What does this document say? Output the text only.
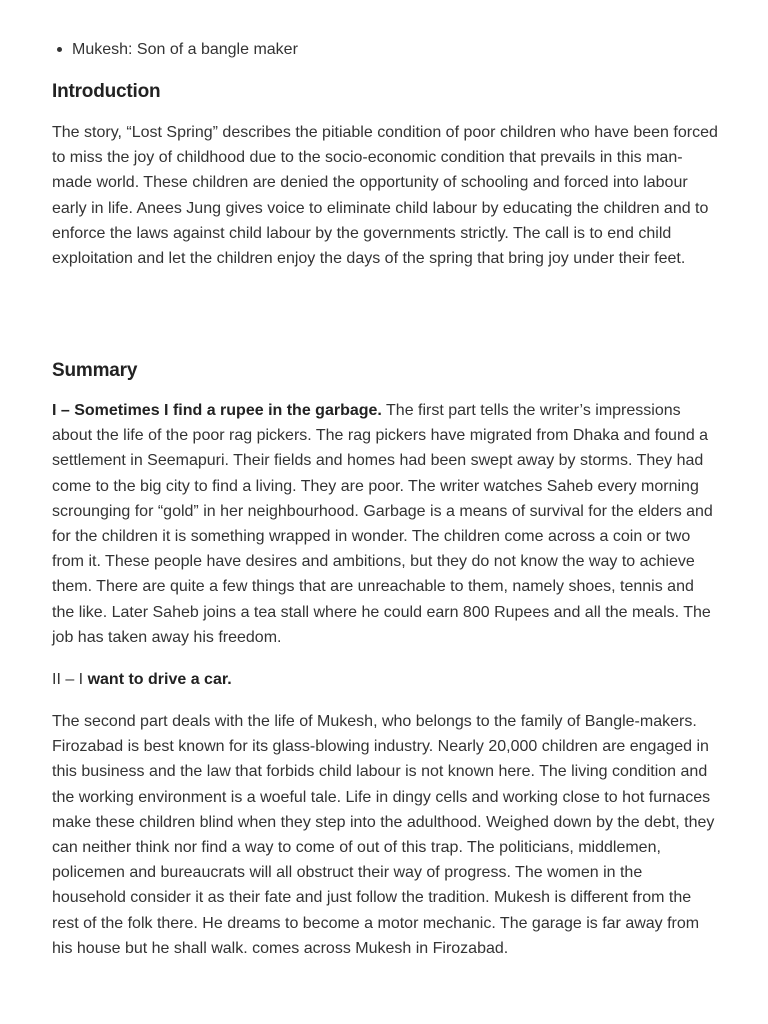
Mukesh: Son of a bangle maker
Introduction

The story, “Lost Spring” describes the pitiable condition of poor children who have been forced to miss the joy of childhood due to the socio-economic condition that prevails in this man-made world. These children are denied the opportunity of schooling and forced into labour early in life. Anees Jung gives voice to eliminate child labour by educating the children and to enforce the laws against child labour by the governments strictly. The call is to end child exploitation and let the children enjoy the days of the spring that bring joy under their feet.

Summary

I – Sometimes I find a rupee in the garbage. The first part tells the writer’s impressions about the life of the poor rag pickers. The rag pickers have migrated from Dhaka and found a settlement in Seemapuri. Their fields and homes had been swept away by storms. They had come to the big city to find a living. They are poor. The writer watches Saheb every morning scrounging for “gold” in her neighbourhood. Garbage is a means of survival for the elders and for the children it is something wrapped in wonder. The children come across a coin or two from it. These people have desires and ambitions, but they do not know the way to achieve them. There are quite a few things that are unreachable to them, namely shoes, tennis and the like. Later Saheb joins a tea stall where he could earn 800 Rupees and all the meals. The job has taken away his freedom.

II – I want to drive a car.

The second part deals with the life of Mukesh, who belongs to the family of Bangle-makers. Firozabad is best known for its glass-blowing industry. Nearly 20,000 children are engaged in this business and the law that forbids child labour is not known here. The living condition and the working environment is a woeful tale. Life in dingy cells and working close to hot furnaces make these children blind when they step into the adulthood. Weighed down by the debt, they can neither think nor find a way to come of out of this trap. The politicians, middlemen, policemen and bureaucrats will all obstruct their way of progress. The women in the household consider it as their fate and just follow the tradition. Mukesh is different from the rest of the folk there. He dreams to become a motor mechanic. The garage is far away from his house but he shall walk. comes across Mukesh in Firozabad.
